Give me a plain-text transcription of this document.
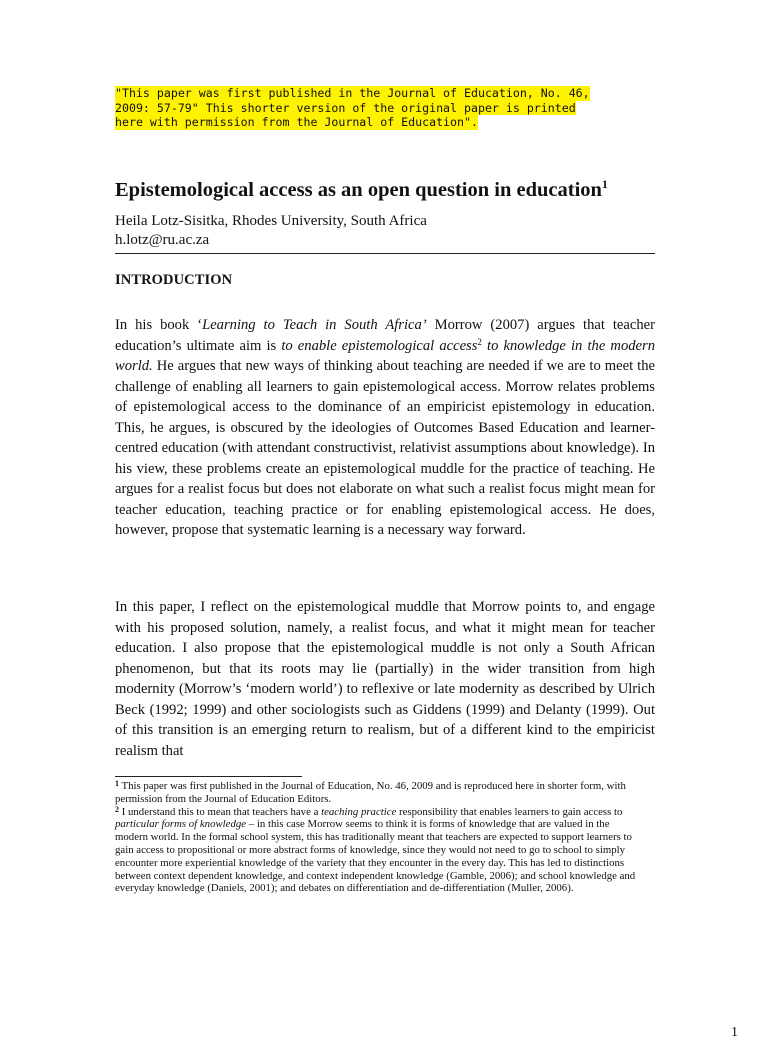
"This paper was first published in the Journal of Education, No. 46,
2009: 57-79" This shorter version of the original paper is printed
here with permission from the Journal of Education".
Epistemological access as an open question in education$^1$

Heila Lotz-Sisitka, Rhodes University, South Africa

h.lotz@ru.ac.za

INTRODUCTION

In his book ‘Learning to Teach in South Africa’ Morrow (2007) argues that teacher education’s ultimate aim is to enable epistemological access$^2$ to knowledge in the modern world. He argues that new ways of thinking about teaching are needed if we are to meet the challenge of enabling all learners to gain epistemological access. Morrow relates problems of epistemological access to the dominance of an empiricist epistemology in education. This, he argues, is obscured by the ideologies of Outcomes Based Education and learner-centred education (with attendant constructivist, relativist assumptions about knowledge). In his view, these problems create an epistemological muddle for the practice of teaching. He argues for a realist focus but does not elaborate on what such a realist focus might mean for teacher education, teaching practice or for enabling epistemological access. He does, however, propose that systematic learning is a necessary way forward.

In this paper, I reflect on the epistemological muddle that Morrow points to, and engage with his proposed solution, namely, a realist focus, and what it might mean for teacher education. I also propose that the epistemological muddle is not only a South African phenomenon, but that its roots may lie (partially) in the wider transition from high modernity (Morrow’s ‘modern world’) to reflexive or late modernity as described by Ulrich Beck (1992; 1999) and other sociologists such as Giddens (1999) and Delanty (1999). Out of this transition is an emerging return to realism, but of a different kind to the empiricist realism that

$^1$ This paper was first published in the Journal of Education, No. 46, 2009 and is reproduced here in shorter form, with permission from the Journal of Education Editors.

$^2$ I understand this to mean that teachers have a teaching practice responsibility that enables learners to gain access to particular forms of knowledge – in this case Morrow seems to think it is forms of knowledge that are valued in the modern world. In the formal school system, this has traditionally meant that teachers are expected to support learners to gain access to propositional or more abstract forms of knowledge, since they would not need to go to school to simply encounter more experiential knowledge of the variety that they encounter in the every day. This has led to distinctions between context dependent knowledge, and context independent knowledge (Gamble, 2006); and school knowledge and everyday knowledge (Daniels, 2001); and debates on differentiation and de-differentiation (Muller, 2006).

1
